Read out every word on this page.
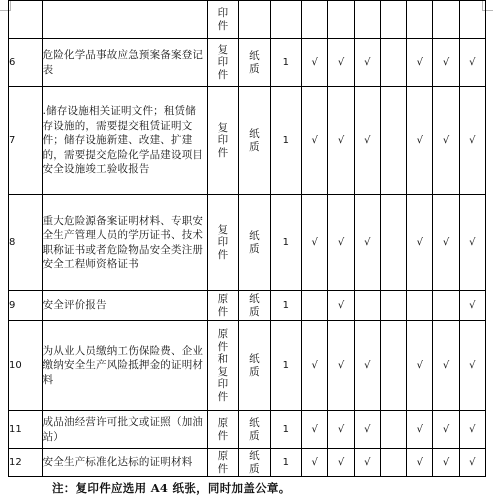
		印件									

6	危险化学品事故应急预案备案登记表	复印件	纸质	1	√	√	√		√	√	√
7	.储存设施相关证明文件；租赁储存设施的，需要提交租赁证明文件；储存设施新建、改建、扩建的，需要提交危险化学品建设项目安全设施竣工验收报告	复印件	纸质	1	√	√	√		√	√	√
8	重大危险源备案证明材料、专职安全生产管理人员的学历证书、技术职称证书或者危险物品安全类注册安全工程师资格证书	复印件	纸质	1	√	√	√		√	√	√
9	安全评价报告	原件	纸质	1		√					√
10	为从业人员缴纳工伤保险费、企业缴纳安全生产风险抵押金的证明材料	原件和复印件	纸质	1	√	√	√		√	√	√
11	成品油经营许可批文或证照（加油站）	原件	纸质	1	√	√	√		√	√	√
12	安全生产标准化达标的证明材料	原件	纸质	1	√	√	√		√	√	√
注：复印件应选用 A4 纸张，同时加盖公章。
